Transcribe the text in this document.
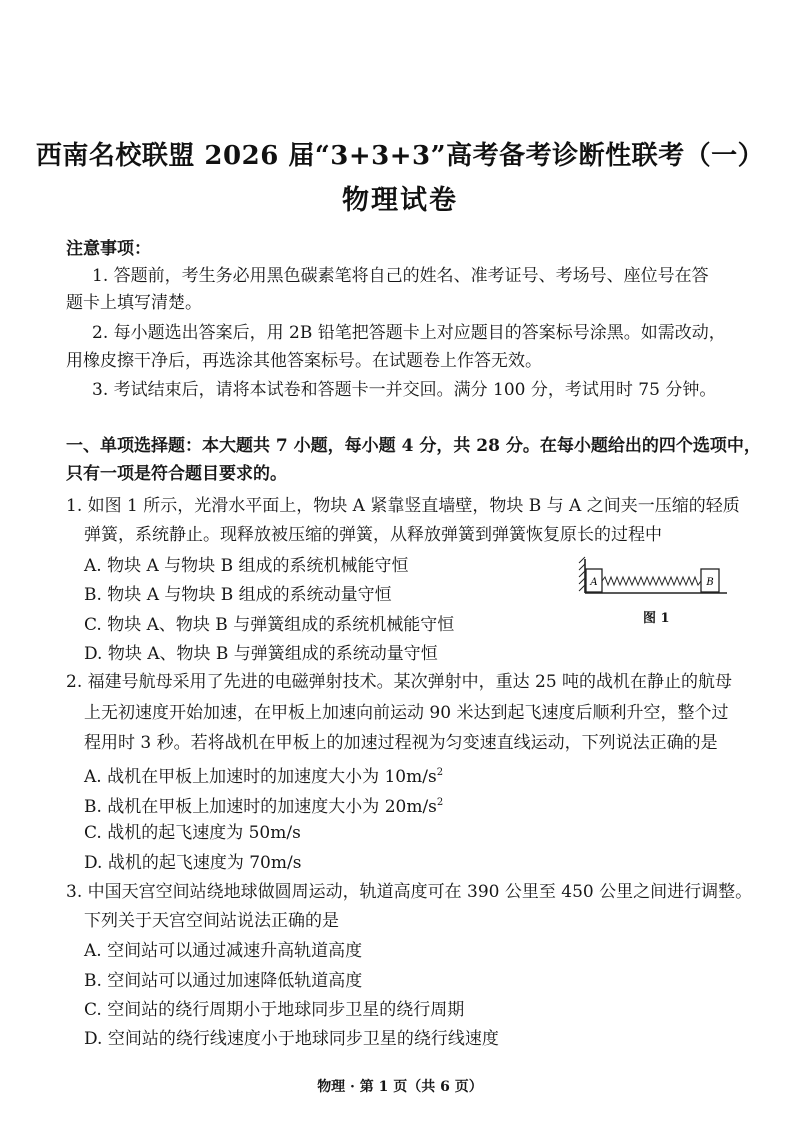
西南名校联盟 2026 届“3+3+3”高考备考诊断性联考（一）
物理试卷
注意事项：
1. 答题前，考生务必用黑色碳素笔将自己的姓名、准考证号、考场号、座位号在答
题卡上填写清楚。
2. 每小题选出答案后，用 2B 铅笔把答题卡上对应题目的答案标号涂黑。如需改动，
用橡皮擦干净后，再选涂其他答案标号。在试题卷上作答无效。
3. 考试结束后，请将本试卷和答题卡一并交回。满分 100 分，考试用时 75 分钟。
一、单项选择题：本大题共 7 小题，每小题 4 分，共 28 分。在每小题给出的四个选项中，
只有一项是符合题目要求的。
1. 如图 1 所示，光滑水平面上，物块 A 紧靠竖直墙壁，物块 B 与 A 之间夹一压缩的轻质
弹簧，系统静止。现释放被压缩的弹簧，从释放弹簧到弹簧恢复原长的过程中
A. 物块 A 与物块 B 组成的系统机械能守恒
B. 物块 A 与物块 B 组成的系统动量守恒
C. 物块 A、物块 B 与弹簧组成的系统机械能守恒
D. 物块 A、物块 B 与弹簧组成的系统动量守恒
A	B
图 1
2. 福建号航母采用了先进的电磁弹射技术。某次弹射中，重达 25 吨的战机在静止的航母
上无初速度开始加速，在甲板上加速向前运动 90 米达到起飞速度后顺利升空，整个过
程用时 3 秒。若将战机在甲板上的加速过程视为匀变速直线运动，下列说法正确的是
A. 战机在甲板上加速时的加速度大小为 $10m/s^2$
B. 战机在甲板上加速时的加速度大小为 $20m/s^2$
C. 战机的起飞速度为 50m/s
D. 战机的起飞速度为 70m/s
3. 中国天宫空间站绕地球做圆周运动，轨道高度可在 390 公里至 450 公里之间进行调整。
下列关于天宫空间站说法正确的是
A. 空间站可以通过减速升高轨道高度
B. 空间站可以通过加速降低轨道高度
C. 空间站的绕行周期小于地球同步卫星的绕行周期
D. 空间站的绕行线速度小于地球同步卫星的绕行线速度
物理 · 第 1 页（共 6 页）
